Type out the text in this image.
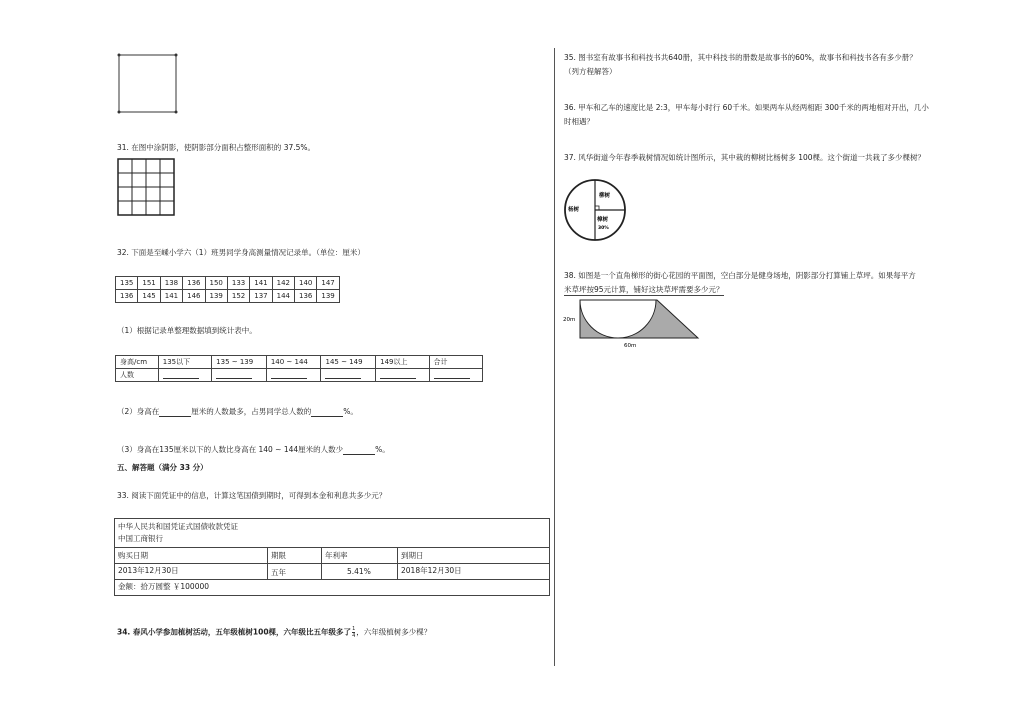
31. 在图中涂阴影，使阴影部分面积占整形面积的 37.5%。
32. 下面是至嵊小学六（1）班男同学身高测量情况记录单。（单位：厘米）
135	151	138	136	150	133	141	142	140	147
136	145	141	146	139	152	137	144	136	139
（1）根据记录单整理数据填到统计表中。
身高/cm	135以下	135 ~ 139	140 ~ 144	145 ~ 149	149以上	合计
人数						
（2）身高在	厘米的人数最多，占男同学总人数的	%。
（3）身高在135厘米以下的人数比身高在 140 ~ 144厘米的人数少	%。
五、解答题（满分 33 分）
33. 阅读下面凭证中的信息，计算这笔国债到期时，可得到本金和利息共多少元？
中华人民共和国凭证式国债收款凭证
中国工商银行
购买日期	期限	年利率	到期日
2013年12月30日	五年	5.41%	2018年12月30日
金额：拾万圆整 ￥100000
34. 春风小学参加植树活动，五年级植树100棵，六年级比五年级多了 $\frac{1}{4}$ ，六年级植树多少棵？
35. 图书室有故事书和科技书共640册，其中科技书的册数是故事书的60%，故事书和科技书各有多少册？
（列方程解答）
36. 甲车和乙车的速度比是 2:3，甲车每小时行 60千米。如果两车从经两相距 300千米的两地相对开出，几小
时相遇？
37. 风华街道今年春季栽树情况如统计图所示，其中栽的柳树比杨树多 100棵。这个街道一共栽了多少棵树？
杨树
柳树
樟树
30%
38. 如图是一个直角梯形的街心花园的平面图，空白部分是健身场地，阴影部分打算铺上草坪。如果每平方
米草坪按95元计算，铺好这块草坪需要多少元？
20m
60m
